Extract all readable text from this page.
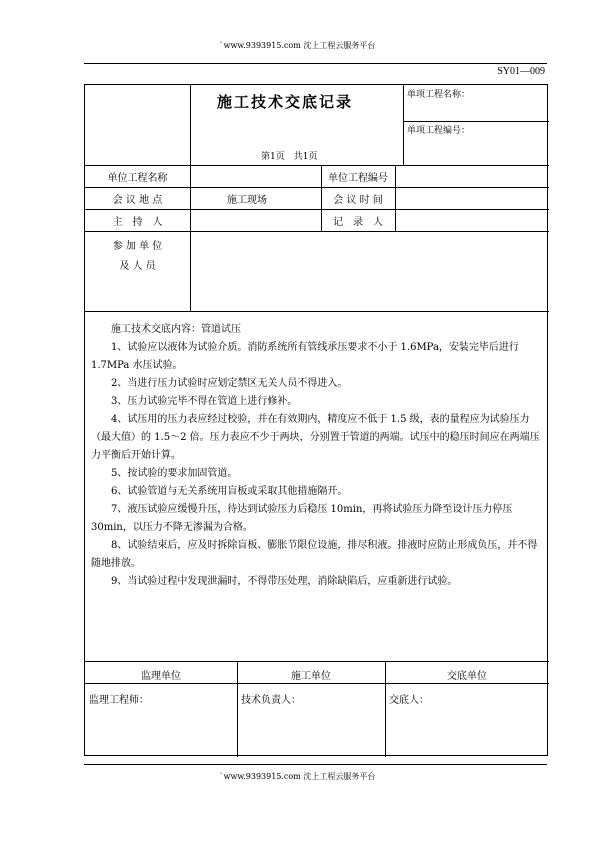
`www.9393915.com 沈上工程云服务平台
SY01—009
施工技术交底记录
第1页　共1页
单项工程名称：
单项工程编号：
单位工程名称	单位工程编号
会 议 地 点	施工现场	会 议 时 间
主　持　人	记　录　人
参 加 单 位
及 人 员

施工技术交底内容：管道试压

1、试验应以液体为试验介质。消防系统所有管线承压要求不小于 1.6MPa，安装完毕后进行 1.7MPa 水压试验。

2、当进行压力试验时应划定禁区无关人员不得进入。

3、压力试验完毕不得在管道上进行修补。

4、试压用的压力表应经过校验，并在有效期内，精度应不低于 1.5 级，表的量程应为试验压力（最大值）的 1.5～2 倍。压力表应不少于两块，分别置于管道的两端。试压中的稳压时间应在两端压力平衡后开始计算。

5、按试验的要求加固管道。

6、试验管道与无关系统用盲板或采取其他措施隔开。

7、液压试验应缓慢升压，待达到试验压力后稳压 10min，再将试验压力降至设计压力停压 30min，以压力不降无渗漏为合格。

8、试验结束后，应及时拆除盲板、膨胀节限位设施，排尽积液。排液时应防止形成负压，并不得随地排放。

9、当试验过程中发现泄漏时，不得带压处理，消除缺陷后，应重新进行试验。

监理单位	施工单位	交底单位
监理工程师：	技术负责人：	交底人：
`www.9393915.com 沈上工程云服务平台
